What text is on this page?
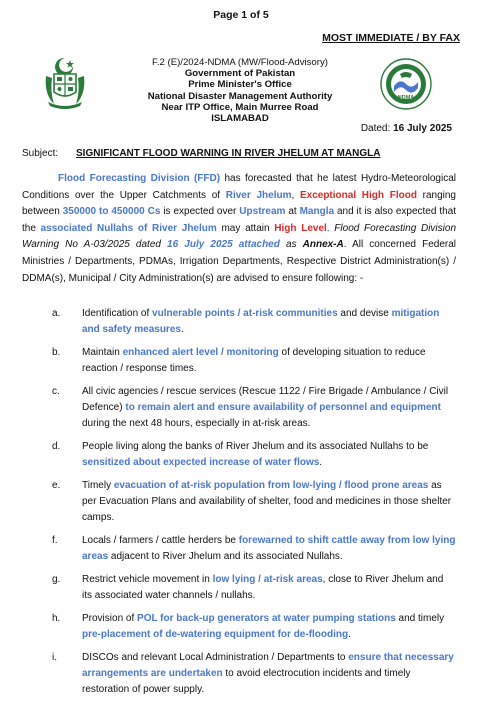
Page 1 of 5
MOST IMMEDIATE / BY FAX
F.2 (E)/2024-NDMA (MW/Flood-Advisory)
Government of Pakistan
Prime Minister's Office
National Disaster Management Authority
Near ITP Office, Main Murree Road
ISLAMABAD
NDMA
Dated: 16 July 2025
Subject: SIGNIFICANT FLOOD WARNING IN RIVER JHELUM AT MANGLA
Flood Forecasting Division (FFD) has forecasted that he latest Hydro-Meteorological Conditions over the Upper Catchments of River Jhelum, Exceptional High Flood ranging between 350000 to 450000 Cs is expected over Upstream at Mangla and it is also expected that the associated Nullahs of River Jhelum may attain High Level. Flood Forecasting Division Warning No A-03/2025 dated 16 July 2025 attached as Annex-A. All concerned Federal Ministries / Departments, PDMAs, Irrigation Departments, Respective District Administration(s) / DDMA(s), Municipal / City Administration(s) are advised to ensure following: -
a. Identification of vulnerable points / at-risk communities and devise mitigation and safety measures.
b. Maintain enhanced alert level / monitoring of developing situation to reduce reaction / response times.
c. All civic agencies / rescue services (Rescue 1122 / Fire Brigade / Ambulance / Civil Defence) to remain alert and ensure availability of personnel and equipment during the next 48 hours, especially in at-risk areas.
d. People living along the banks of River Jhelum and its associated Nullahs to be sensitized about expected increase of water flows.
e. Timely evacuation of at-risk population from low-lying / flood prone areas as per Evacuation Plans and availability of shelter, food and medicines in those shelter camps.
f. Locals / farmers / cattle herders be forewarned to shift cattle away from low lying areas adjacent to River Jhelum and its associated Nullahs.
g. Restrict vehicle movement in low lying / at-risk areas, close to River Jhelum and its associated water channels / nullahs.
h. Provision of POL for back-up generators at water pumping stations and timely pre-placement of de-watering equipment for de-flooding.
i.	DISCOs and relevant Local Administration / Departments to ensure that necessary arrangements are undertaken to avoid electrocution incidents and timely restoration of power supply.
